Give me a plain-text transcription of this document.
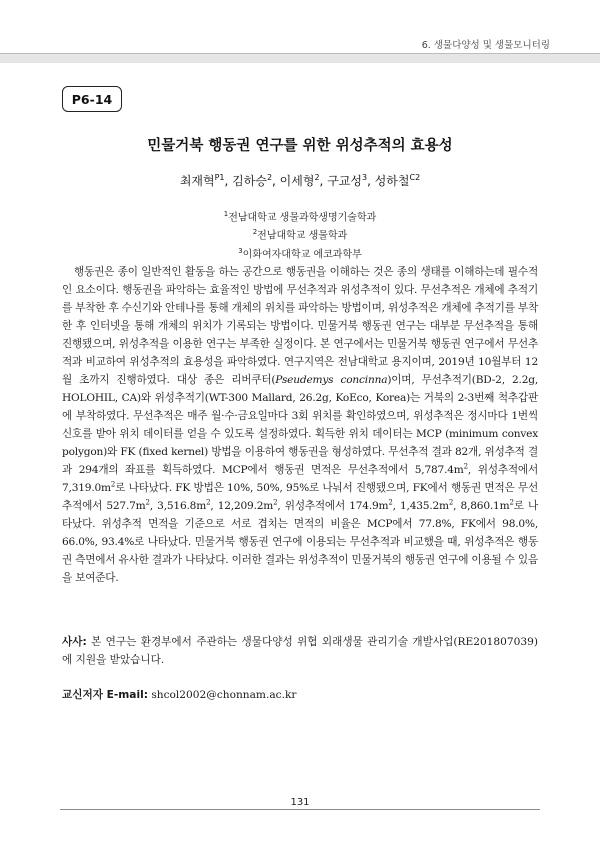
6. 생물다양성 및 생물모니터링
P6-14
민물거북 행동권 연구를 위한 위성추적의 효용성
최재혁$^{P1}$, 김하승$^2$, 이세형$^2$, 구교성$^3$, 성하철$^{C2}$
$^1$전남대학교 생물과학생명기술학과
$^2$전남대학교 생물학과
$^3$이화여자대학교 에코과학부

행동권은 종이 일반적인 활동을 하는 공간으로 행동권을 이해하는 것은 종의 생태를 이해하는데 필수적인 요소이다. 행동권을 파악하는 효율적인 방법에 무선추적과 위성추적이 있다. 무선추적은 개체에 추적기를 부착한 후 수신기와 안테나를 통해 개체의 위치를 파악하는 방법이며, 위성추적은 개체에 추적기를 부착한 후 인터넷을 통해 개체의 위치가 기록되는 방법이다. 민물거북 행동권 연구는 대부분 무선추적을 통해 진행됐으며, 위성추적을 이용한 연구는 부족한 실정이다. 본 연구에서는 민물거북 행동권 연구에서 무선추적과 비교하여 위성추적의 효용성을 파악하였다. 연구지역은 전남대학교 용지이며, 2019년 10월부터 12월 초까지 진행하였다. 대상 종은 리버쿠터(Pseudemys concinna)이며, 무선추적기(BD-2, 2.2g, HOLOHIL, CA)와 위성추적기(WT-300 Mallard, 26.2g, KoEco, Korea)는 거북의 2-3번째 척추갑판에 부착하였다. 무선추적은 매주 월·수·금요일마다 3회 위치를 확인하였으며, 위성추적은 정시마다 1번씩 신호를 받아 위치 데이터를 얻을 수 있도록 설정하였다. 획득한 위치 데이터는 MCP (minimum convex polygon)와 FK (fixed kernel) 방법을 이용하여 행동권을 형성하였다. 무선추적 결과 82개, 위성추적 결과 294개의 좌표를 획득하였다. MCP에서 행동권 면적은 무선추적에서 $5,787.4m^2$, 위성추적에서 $7,319.0m^2$로 나타났다. FK 방법은 10%, 50%, 95%로 나눠서 진행됐으며, FK에서 행동권 면적은 무선추적에서 $527.7m^2$, $3,516.8m^2$, $12,209.2m^2$, 위성추적에서 $174.9m^2$, $1,435.2m^2$, $8,860.1m^2$로 나타났다. 위성추적 면적을 기준으로 서로 겹치는 면적의 비율은 MCP에서 77.8%, FK에서 98.0%, 66.0%, 93.4%로 나타났다. 민물거북 행동권 연구에 이용되는 무선추적과 비교했을 때, 위성추적은 행동권 측면에서 유사한 결과가 나타났다. 이러한 결과는 위성추적이 민물거북의 행동권 연구에 이용될 수 있음을 보여준다.

사사: 본 연구는 환경부에서 주관하는 생물다양성 위협 외래생물 관리기술 개발사업(RE201807039)에 지원을 받았습니다.

교신저자 E-mail: shcol2002@chonnam.ac.kr

131
